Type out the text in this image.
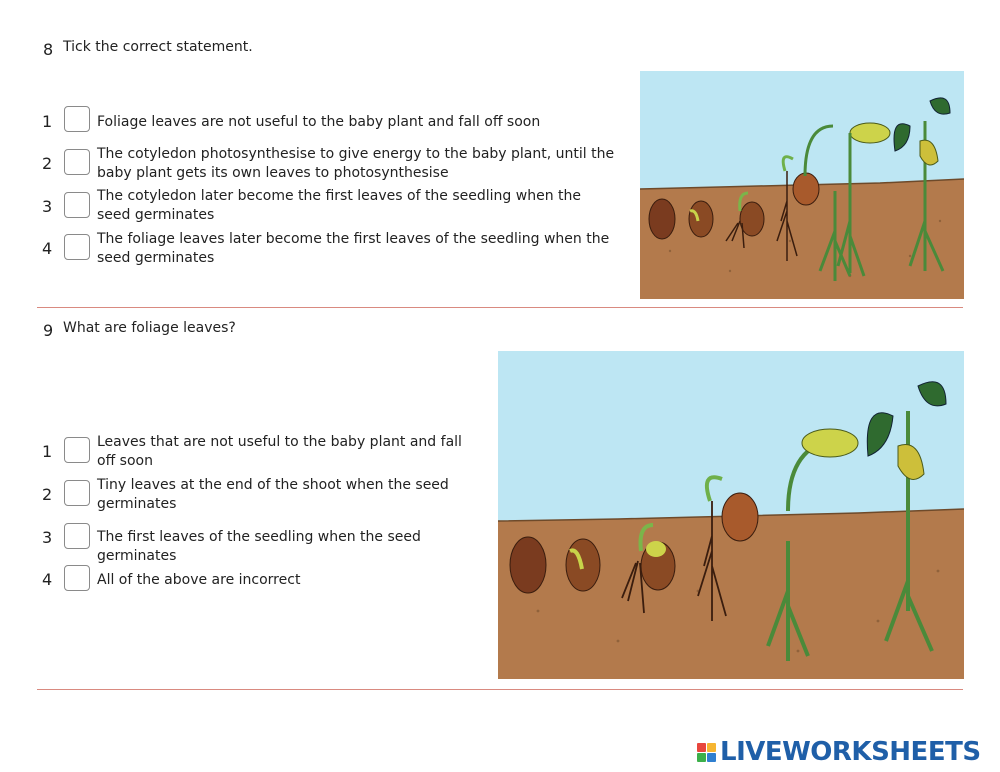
8 Tick the correct statement.
1	Foliage leaves are not useful to the baby plant and fall off soon
2	The cotyledon photosynthesise to give energy to the baby plant, until the baby plant gets its own leaves to photosynthesise
3
The cotyledon later become the first leaves of the seedling when the seed germinates
4	The foliage leaves later become the first leaves of the seedling when the seed germinates
9 What are foliage leaves?
1	Leaves that are not useful to the baby plant and fall off soon
2	Tiny leaves at the end of the shoot when the seed germinates
3	The first leaves of the seedling when the seed germinates
4	All of the above are incorrect
LIVEWORKSHEETS
